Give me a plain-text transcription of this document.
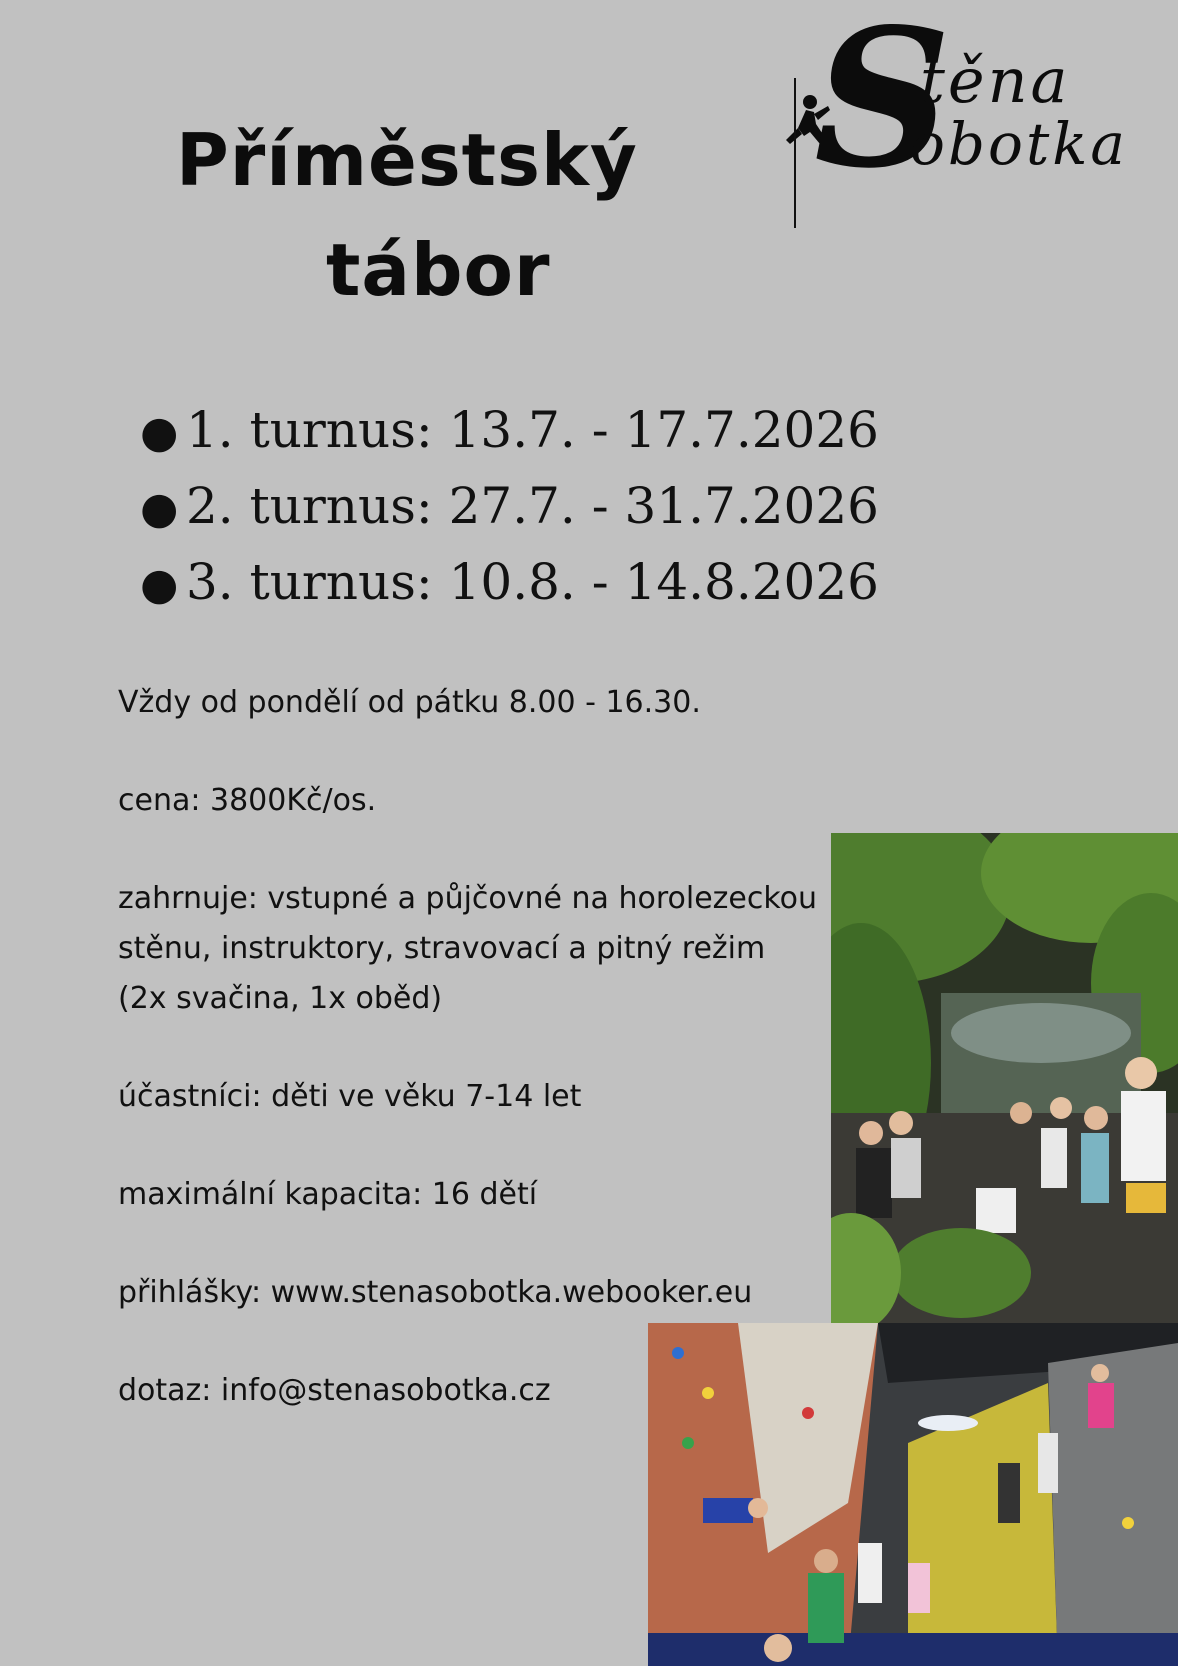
Příměstský
tábor
S
těna
obotka
● 1. turnus: 13.7. - 17.7.2026
● 2. turnus: 27.7. - 31.7.2026
● 3. turnus: 10.8. - 14.8.2026

Vždy od pondělí od pátku 8.00 - 16.30.

cena: 3800Kč/os.

zahrnuje: vstupné a půjčovné na horolezeckou stěnu, instruktory, stravovací a pitný režim (2x svačina, 1x oběd)

účastníci: děti ve věku 7-14 let

maximální kapacita: 16 dětí

přihlášky: www.stenasobotka.webooker.eu

dotaz: info@stenasobotka.cz
